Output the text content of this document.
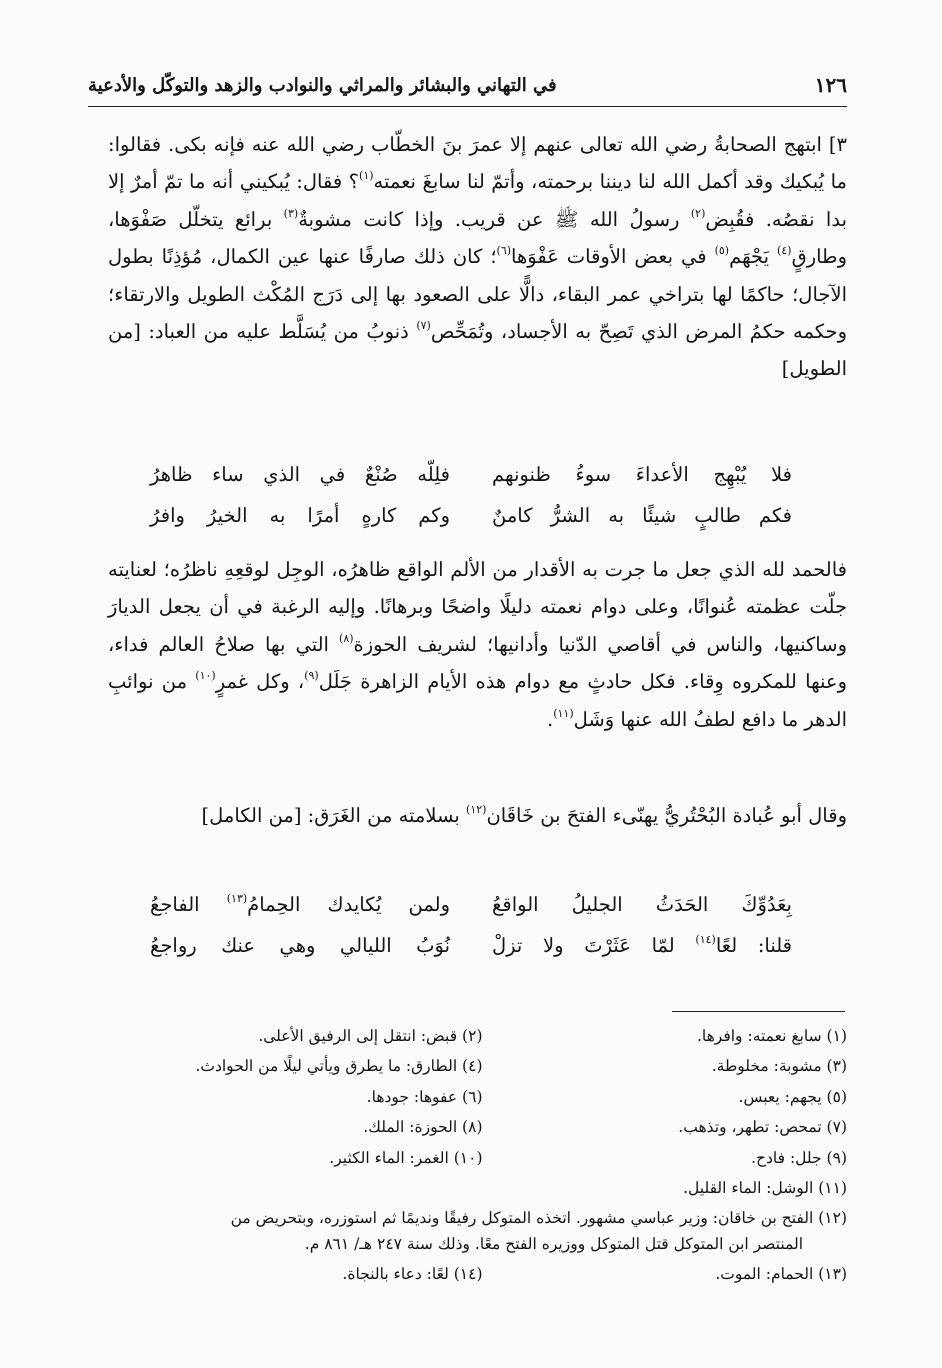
١٢٦
في التهاني والبشائر والمراثي والنوادب والزهد والتوكّل والأدعية
٣] ابتهج الصحابةُ رضي الله تعالى عنهم إلا عمرَ بنَ الخطّاب رضي الله عنه فإنه بكى. فقالوا: ما يُبكيك وقد أكمل الله لنا ديننا برحمته، وأتمّ لنا سابغَ نعمته$^{(١)}$؟ فقال: يُبكيني أنه ما تمّ أمرٌ إلا بدا نقصُه. فقُبِض$^{(٢)}$ رسولُ الله ﷺ عن قريب. وإذا كانت مشوبةٌ$^{(٣)}$ برائع يتخلّل صَفْوَها، وطارقٍ$^{(٤)}$ يَجْهَم$^{(٥)}$ في بعض الأوقات عَفْوَها$^{(٦)}$؛ كان ذلك صارفًا عنها عين الكمال، مُؤذِنًا بطول الآجال؛ حاكمًا لها بتراخي عمر البقاء، دالًّا على الصعود بها إلى دَرَج المُكْث الطويل والارتقاء؛ وحكمه حكمُ المرض الذي تَصِحّ به الأجساد، وتُمَحِّص$^{(٧)}$ ذنوبُ من يُسَلَّط عليه من العباد: [من الطويل]
فلا يُبْهِج الأعداءَ سوءُ ظنونهم
فلِلّه صُنْعٌ في الذي ساء ظاهرُ
فكم طالبٍ شيئًا به الشرُّ كامنٌ
وكم كارهٍ أمرًا به الخيرُ وافرُ
فالحمد لله الذي جعل ما جرت به الأقدار من الألم الواقع ظاهرُه، الوجِل لوقعِهِ ناظرُه؛ لعنايته جلّت عظمته عُنوانًا، وعلى دوام نعمته دليلًا واضحًا وبرهانًا. وإليه الرغبة في أن يجعل الديارَ وساكنيها، والناس في أقاصي الدّنيا وأدانيها؛ لشريف الحوزة$^{(٨)}$ التي بها صلاحُ العالم فداء، وعنها للمكروه وِقاء. فكل حادثٍ مع دوام هذه الأيام الزاهرة جَلَل$^{(٩)}$، وكل غمرٍ$^{(١٠)}$ من نوائبِ الدهر ما دافع لطفُ الله عنها وَشَل$^{(١١)}$.
وقال أبو عُبادة البُحْتُريُّ يهنّىء الفتحَ بن خَاقَان$^{(١٢)}$ بسلامته من الغَرَق: [من الكامل]
بِعَدُوِّكَ الحَدَثُ الجليلُ الواقعُ
ولمن يُكايدك الحِمامُ$^{(١٣)}$ الفاجعُ
قلنا: لعًا$^{(١٤)}$ لمّا عَثَرْتَ ولا تزلْ
نُوَبُ الليالي وهي عنك رواجعُ
(١) سابغ نعمته: وافرها.
(٢) قبض: انتقل إلى الرفيق الأعلى.
(٣) مشوبة: مخلوطة.
(٤) الطارق: ما يطرق ويأتي ليلًا من الحوادث.
(٥) يجهم: يعبس.
(٦) عفوها: جودها.
(٧) تمحص: تطهر، وتذهب.
(٨) الحوزة: الملك.
(٩) جلل: فادح.
(١٠) الغمر: الماء الكثير.
(١١) الوشل: الماء القليل.
(١٢) الفتح بن خاقان: وزير عباسي مشهور. اتخذه المتوكل رفيقًا ونديمًا ثم استوزره، وبتحريض من
المنتصر ابن المتوكل قتل المتوكل ووزيره الفتح معًا. وذلك سنة ٢٤٧ هـ/ ٨٦١ م.
(١٣) الحمام: الموت.
(١٤) لعًا: دعاء بالنجاة.
